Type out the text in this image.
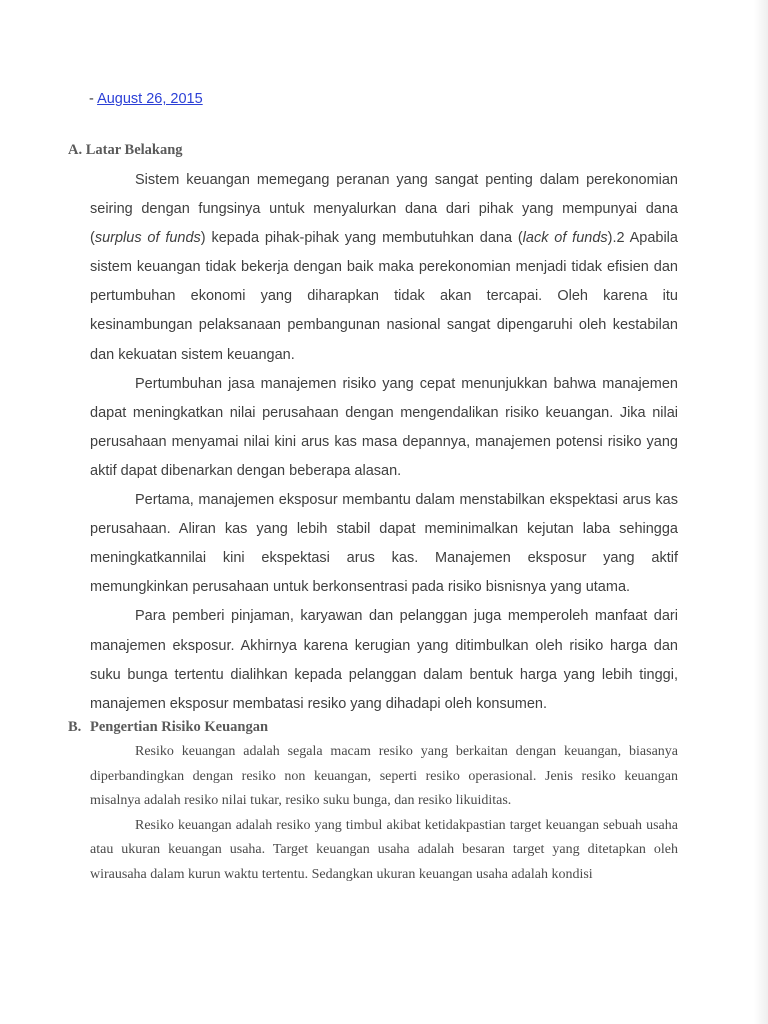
- August 26, 2015
A. Latar Belakang

Sistem keuangan memegang peranan yang sangat penting dalam perekonomian seiring dengan fungsinya untuk menyalurkan dana dari pihak yang mempunyai dana (surplus of funds) kepada pihak-pihak yang membutuhkan dana (lack of funds).2 Apabila sistem keuangan tidak bekerja dengan baik maka perekonomian menjadi tidak efisien dan pertumbuhan ekonomi yang diharapkan tidak akan tercapai. Oleh karena itu kesinambungan pelaksanaan pembangunan nasional sangat dipengaruhi oleh kestabilan dan kekuatan sistem keuangan.

Pertumbuhan jasa manajemen risiko yang cepat menunjukkan bahwa manajemen dapat meningkatkan nilai perusahaan dengan mengendalikan risiko keuangan. Jika nilai perusahaan menyamai nilai kini arus kas masa depannya, manajemen potensi risiko yang aktif dapat dibenarkan dengan beberapa alasan.

Pertama, manajemen eksposur membantu dalam menstabilkan ekspektasi arus kas perusahaan. Aliran kas yang lebih stabil dapat meminimalkan kejutan laba sehingga meningkatkannilai kini ekspektasi arus kas. Manajemen eksposur yang aktif memungkinkan perusahaan untuk berkonsentrasi pada risiko bisnisnya yang utama.

Para pemberi pinjaman, karyawan dan pelanggan juga memperoleh manfaat dari manajemen eksposur. Akhirnya karena kerugian yang ditimbulkan oleh risiko harga dan suku bunga tertentu dialihkan kepada pelanggan dalam bentuk harga yang lebih tinggi, manajemen eksposur membatasi resiko yang dihadapi oleh konsumen.

B. Pengertian Risiko Keuangan

Resiko keuangan adalah segala macam resiko yang berkaitan dengan keuangan, biasanya diperbandingkan dengan resiko non keuangan, seperti resiko operasional. Jenis resiko keuangan misalnya adalah resiko nilai tukar, resiko suku bunga, dan resiko likuiditas.

Resiko keuangan adalah resiko yang timbul akibat ketidakpastian target keuangan sebuah usaha atau ukuran keuangan usaha. Target keuangan usaha adalah besaran target yang ditetapkan oleh wirausaha dalam kurun waktu tertentu. Sedangkan ukuran keuangan usaha adalah kondisi
